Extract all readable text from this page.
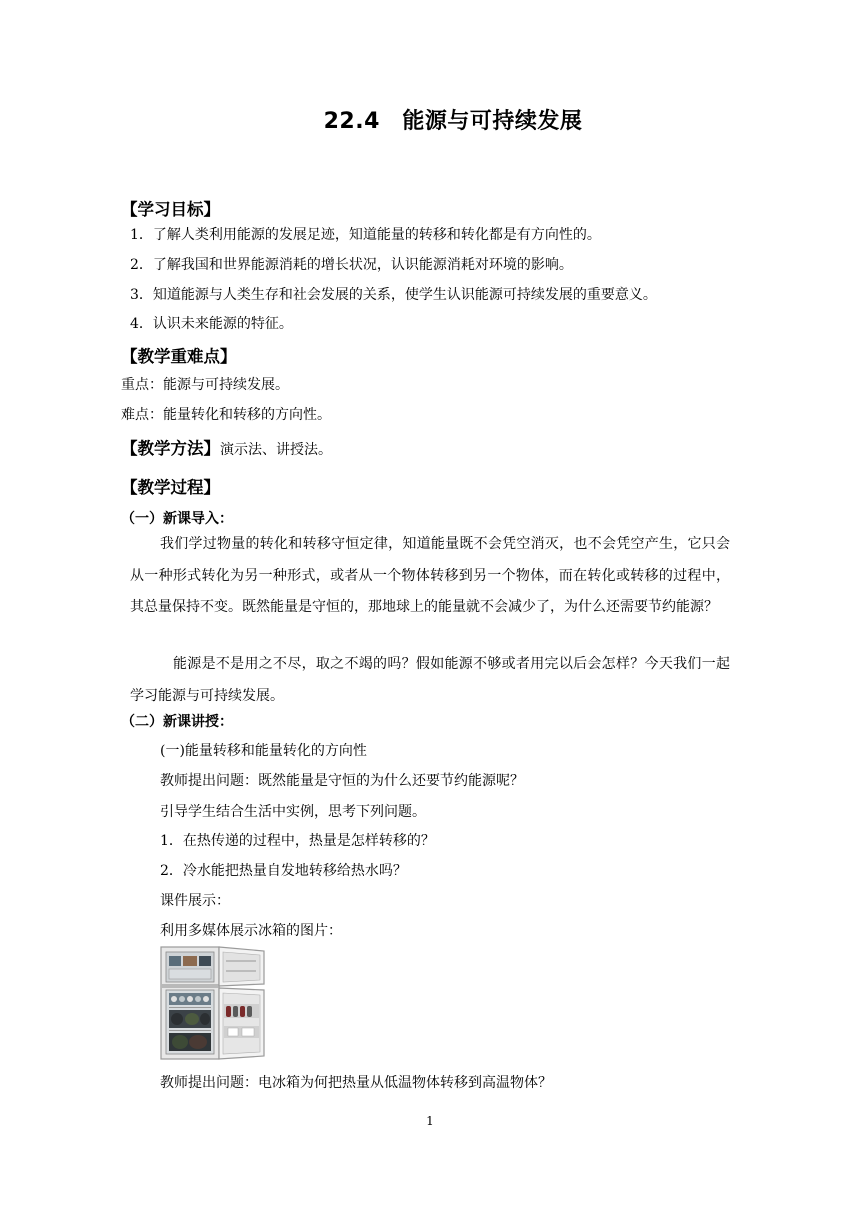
22.4　能源与可持续发展
【学习目标】
1．了解人类利用能源的发展足迹，知道能量的转移和转化都是有方向性的。
2．了解我国和世界能源消耗的增长状况，认识能源消耗对环境的影响。
3．知道能源与人类生存和社会发展的关系，使学生认识能源可持续发展的重要意义。
4．认识未来能源的特征。
【教学重难点】
重点：能源与可持续发展。
难点：能量转化和转移的方向性。
【教学方法】演示法、讲授法。
【教学过程】
（一）新课导入：
我们学过物量的转化和转移守恒定律，知道能量既不会凭空消灭，也不会凭空产生，它只会从一种形式转化为另一种形式，或者从一个物体转移到另一个物体，而在转化或转移的过程中，其总量保持不变。既然能量是守恒的，那地球上的能量就不会减少了，为什么还需要节约能源？
能源是不是用之不尽，取之不竭的吗？假如能源不够或者用完以后会怎样？今天我们一起学习能源与可持续发展。
（二）新课讲授：
(一)能量转移和能量转化的方向性
教师提出问题：既然能量是守恒的为什么还要节约能源呢？
引导学生结合生活中实例，思考下列问题。
1．在热传递的过程中，热量是怎样转移的？
2．冷水能把热量自发地转移给热水吗？
课件展示：
利用多媒体展示冰箱的图片：
教师提出问题：电冰箱为何把热量从低温物体转移到高温物体？
1
